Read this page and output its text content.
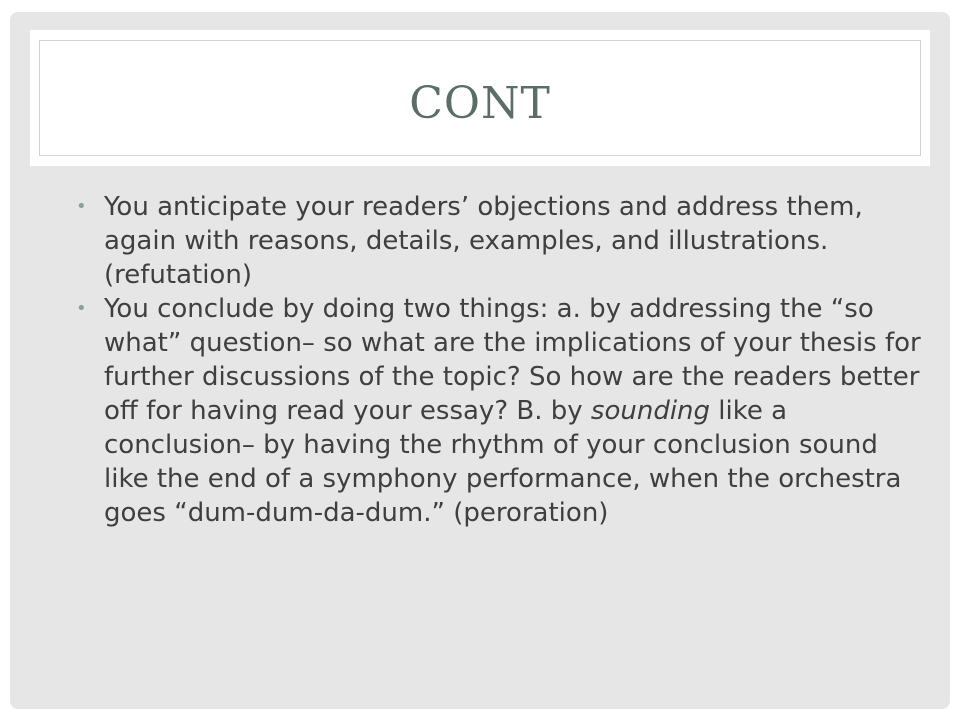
CONT
• You anticipate your readers’ objections and address them, again with reasons, details, examples, and illustrations. (refutation)
• You conclude by doing two things: a. by addressing the “so what” question– so what are the implications of your thesis for further discussions of the topic? So how are the readers better off for having read your essay? B. by sounding like a conclusion– by having the rhythm of your conclusion sound like the end of a symphony performance, when the orchestra goes “dum-dum-da-dum.” (peroration)
